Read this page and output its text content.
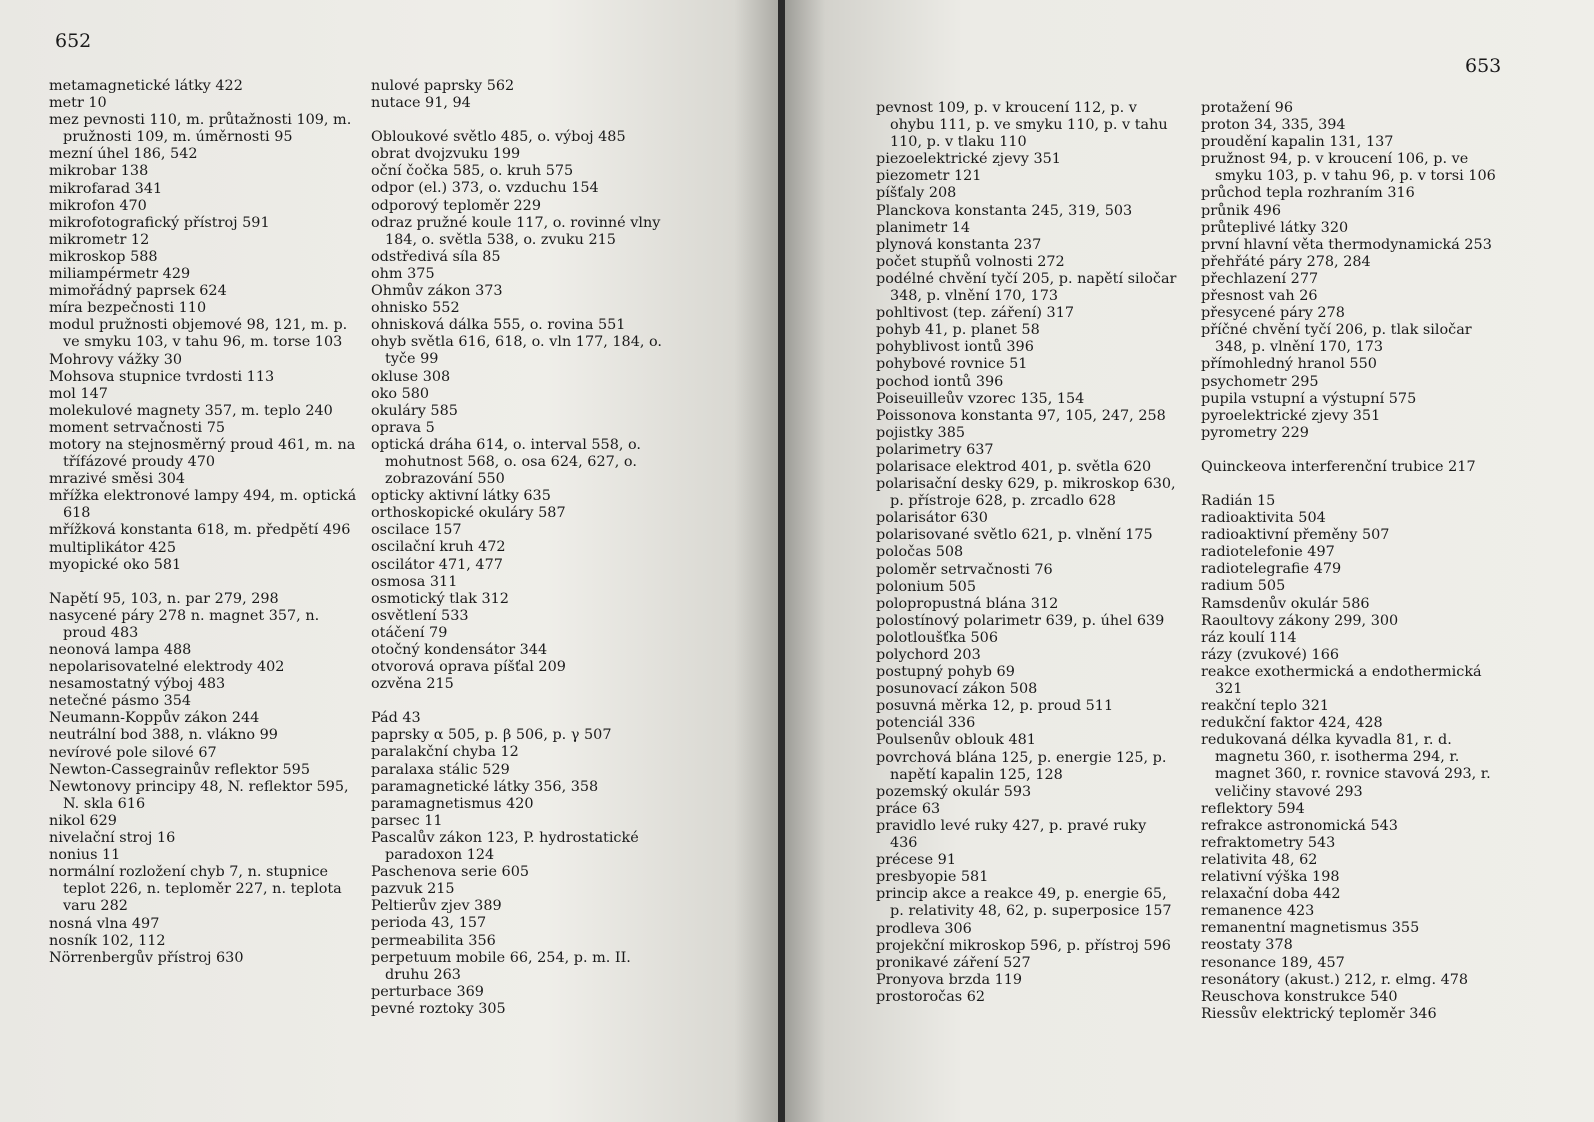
652
metamagnetické látky 422
metr 10
mez pevnosti 110, m. průtažnosti 109, m. pružnosti 109, m. úměrnosti 95
mezní úhel 186, 542
mikrobar 138
mikrofarad 341
mikrofon 470
mikrofotografický přístroj 591
mikrometr 12
mikroskop 588
miliampérmetr 429
mimořádný paprsek 624
míra bezpečnosti 110
modul pružnosti objemové 98, 121, m. p. ve smyku 103, v tahu 96, m. torse 103
Mohrovy vážky 30
Mohsova stupnice tvrdosti 113
mol 147
molekulové magnety 357, m. teplo 240
moment setrvačnosti 75
motory na stejnosměrný proud 461, m. na třífázové proudy 470
mrazivé směsi 304
mřížka elektronové lampy 494, m. optická 618
mřížková konstanta 618, m. předpětí 496
multiplikátor 425
myopické oko 581
Napětí 95, 103, n. par 279, 298
nasycené páry 278 n. magnet 357, n. proud 483
neonová lampa 488
nepolarisovatelné elektrody 402
nesamostatný výboj 483
netečné pásmo 354
Neumann-Koppův zákon 244
neutrální bod 388, n. vlákno 99
nevírové pole silové 67
Newton-Cassegrainův reflektor 595
Newtonovy principy 48, N. reflektor 595, N. skla 616
nikol 629
nivelační stroj 16
nonius 11
normální rozložení chyb 7, n. stupnice teplot 226, n. teploměr 227, n. teplota varu 282
nosná vlna 497
nosník 102, 112
Nörrenbergův přístroj 630
nulové paprsky 562
nutace 91, 94
Obloukové světlo 485, o. výboj 485
obrat dvojzvuku 199
oční čočka 585, o. kruh 575
odpor (el.) 373, o. vzduchu 154
odporový teploměr 229
odraz pružné koule 117, o. rovinné vlny 184, o. světla 538, o. zvuku 215
odstředivá síla 85
ohm 375
Ohmův zákon 373
ohnisko 552
ohnisková dálka 555, o. rovina 551
ohyb světla 616, 618, o. vln 177, 184, o. tyče 99
okluse 308
oko 580
okuláry 585
oprava 5
optická dráha 614, o. interval 558, o. mohutnost 568, o. osa 624, 627, o. zobrazování 550
opticky aktivní látky 635
orthoskopické okuláry 587
oscilace 157
oscilační kruh 472
oscilátor 471, 477
osmosa 311
osmotický tlak 312
osvětlení 533
otáčení 79
otočný kondensátor 344
otvorová oprava píšťal 209
ozvěna 215
Pád 43
paprsky α 505, p. β 506, p. γ 507
paralakční chyba 12
paralaxa stálic 529
paramagnetické látky 356, 358
paramagnetismus 420
parsec 11
Pascalův zákon 123, P. hydrostatické paradoxon 124
Paschenova serie 605
pazvuk 215
Peltierův zjev 389
perioda 43, 157
permeabilita 356
perpetuum mobile 66, 254, p. m. II. druhu 263
perturbace 369
pevné roztoky 305
653
pevnost 109, p. v kroucení 112, p. v ohybu 111, p. ve smyku 110, p. v tahu 110, p. v tlaku 110
piezoelektrické zjevy 351
piezometr 121
píšťaly 208
Planckova konstanta 245, 319, 503
planimetr 14
plynová konstanta 237
počet stupňů volnosti 272
podélné chvění tyčí 205, p. napětí siločar 348, p. vlnění 170, 173
pohltivost (tep. záření) 317
pohyb 41, p. planet 58
pohyblivost iontů 396
pohybové rovnice 51
pochod iontů 396
Poiseuilleův vzorec 135, 154
Poissonova konstanta 97, 105, 247, 258
pojistky 385
polarimetry 637
polarisace elektrod 401, p. světla 620
polarisační desky 629, p. mikroskop 630, p. přístroje 628, p. zrcadlo 628
polarisátor 630
polarisované světlo 621, p. vlnění 175
poločas 508
poloměr setrvačnosti 76
polonium 505
polopropustná blána 312
polostínový polarimetr 639, p. úhel 639
polotloušťka 506
polychord 203
postupný pohyb 69
posunovací zákon 508
posuvná měrka 12, p. proud 511
potenciál 336
Poulsenův oblouk 481
povrchová blána 125, p. energie 125, p. napětí kapalin 125, 128
pozemský okulár 593
práce 63
pravidlo levé ruky 427, p. pravé ruky 436
précese 91
presbyopie 581
princip akce a reakce 49, p. energie 65, p. relativity 48, 62, p. superposice 157
prodleva 306
projekční mikroskop 596, p. přístroj 596
pronikavé záření 527
Pronyova brzda 119
prostoročas 62
protažení 96
proton 34, 335, 394
proudění kapalin 131, 137
pružnost 94, p. v kroucení 106, p. ve smyku 103, p. v tahu 96, p. v torsi 106
průchod tepla rozhraním 316
průnik 496
průteplivé látky 320
první hlavní věta thermodynamická 253
přehřáté páry 278, 284
přechlazení 277
přesnost vah 26
přesycené páry 278
příčné chvění tyčí 206, p. tlak siločar 348, p. vlnění 170, 173
přímohledný hranol 550
psychometr 295
pupila vstupní a výstupní 575
pyroelektrické zjevy 351
pyrometry 229
Quinckeova interferenční trubice 217
Radián 15
radioaktivita 504
radioaktivní přeměny 507
radiotelefonie 497
radiotelegrafie 479
radium 505
Ramsdenův okulár 586
Raoultovy zákony 299, 300
ráz koulí 114
rázy (zvukové) 166
reakce exothermická a endothermická 321
reakční teplo 321
redukční faktor 424, 428
redukovaná délka kyvadla 81, r. d. magnetu 360, r. isotherma 294, r. magnet 360, r. rovnice stavová 293, r. veličiny stavové 293
reflektory 594
refrakce astronomická 543
refraktometry 543
relativita 48, 62
relativní výška 198
relaxační doba 442
remanence 423
remanentní magnetismus 355
reostaty 378
resonance 189, 457
resonátory (akust.) 212, r. elmg. 478
Reuschova konstrukce 540
Riessův elektrický teploměr 346
